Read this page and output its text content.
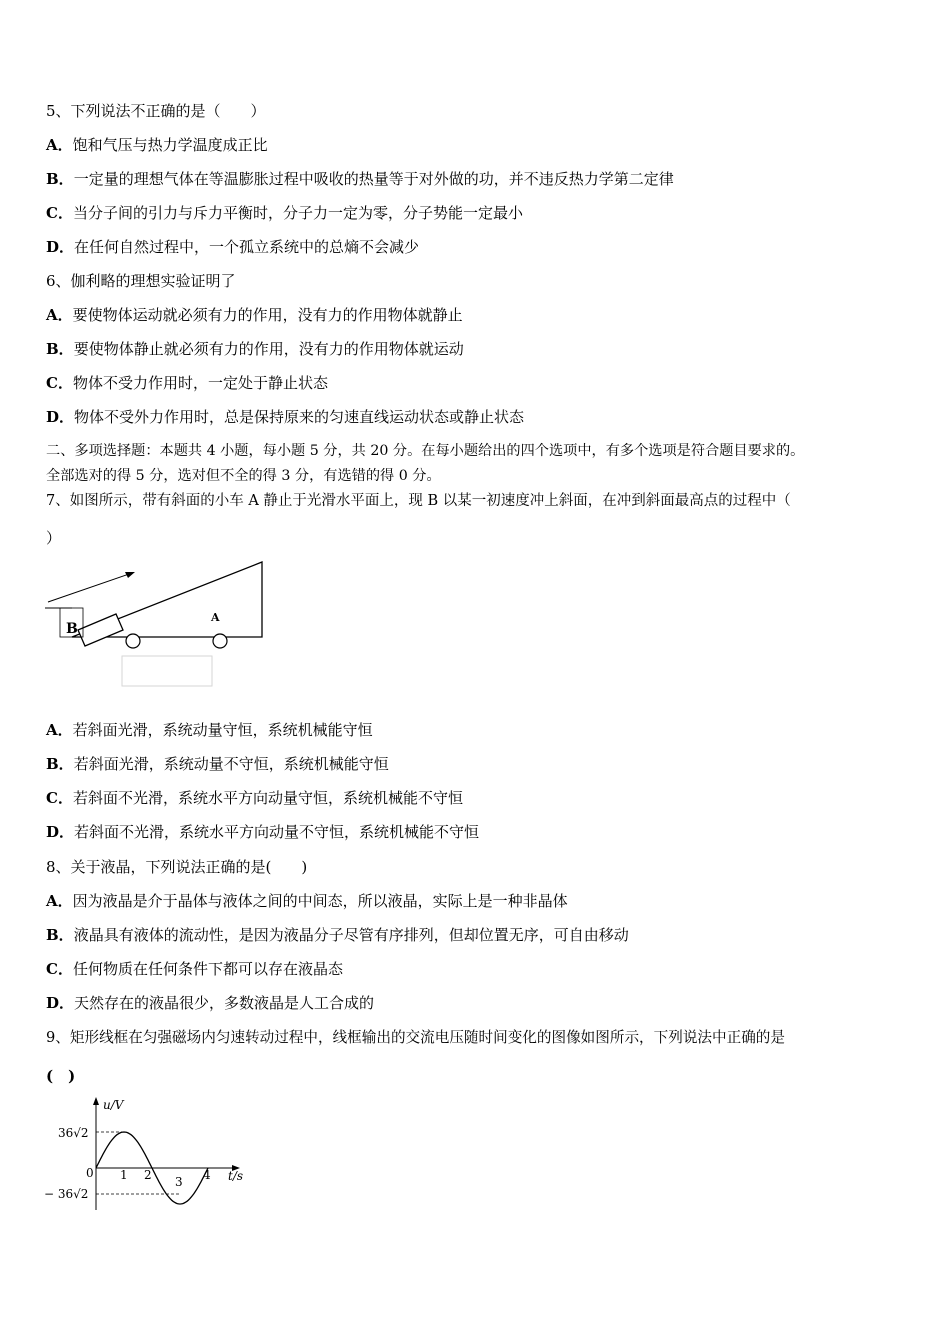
5、下列说法不正确的是（　　）
A．饱和气压与热力学温度成正比
B．一定量的理想气体在等温膨胀过程中吸收的热量等于对外做的功，并不违反热力学第二定律
C．当分子间的引力与斥力平衡时，分子力一定为零，分子势能一定最小
D．在任何自然过程中，一个孤立系统中的总熵不会减少
6、伽利略的理想实验证明了
A．要使物体运动就必须有力的作用，没有力的作用物体就静止
B．要使物体静止就必须有力的作用，没有力的作用物体就运动
C．物体不受力作用时，一定处于静止状态
D．物体不受外力作用时，总是保持原来的匀速直线运动状态或静止状态
二、多项选择题：本题共 4 小题，每小题 5 分，共 20 分。在每小题给出的四个选项中，有多个选项是符合题目要求的。
全部选对的得 5 分，选对但不全的得 3 分，有选错的得 0 分。
7、如图所示，带有斜面的小车 A 静止于光滑水平面上，现 B 以某一初速度冲上斜面，在冲到斜面最高点的过程中（
）
B
A
A．若斜面光滑，系统动量守恒，系统机械能守恒
B．若斜面光滑，系统动量不守恒，系统机械能守恒
C．若斜面不光滑，系统水平方向动量守恒，系统机械能不守恒
D．若斜面不光滑，系统水平方向动量不守恒，系统机械能不守恒
8、关于液晶，下列说法正确的是(　　)
A．因为液晶是介于晶体与液体之间的中间态，所以液晶，实际上是一种非晶体
B．液晶具有液体的流动性，是因为液晶分子尽管有序排列，但却位置无序，可自由移动
C．任何物质在任何条件下都可以存在液晶态
D．天然存在的液晶很少，多数液晶是人工合成的
9、矩形线框在匀强磁场内匀速转动过程中，线框输出的交流电压随时间变化的图像如图所示，下列说法中正确的是
(　)
u/V
t/s
0
36√2
− 36√2
1 2 3 4
